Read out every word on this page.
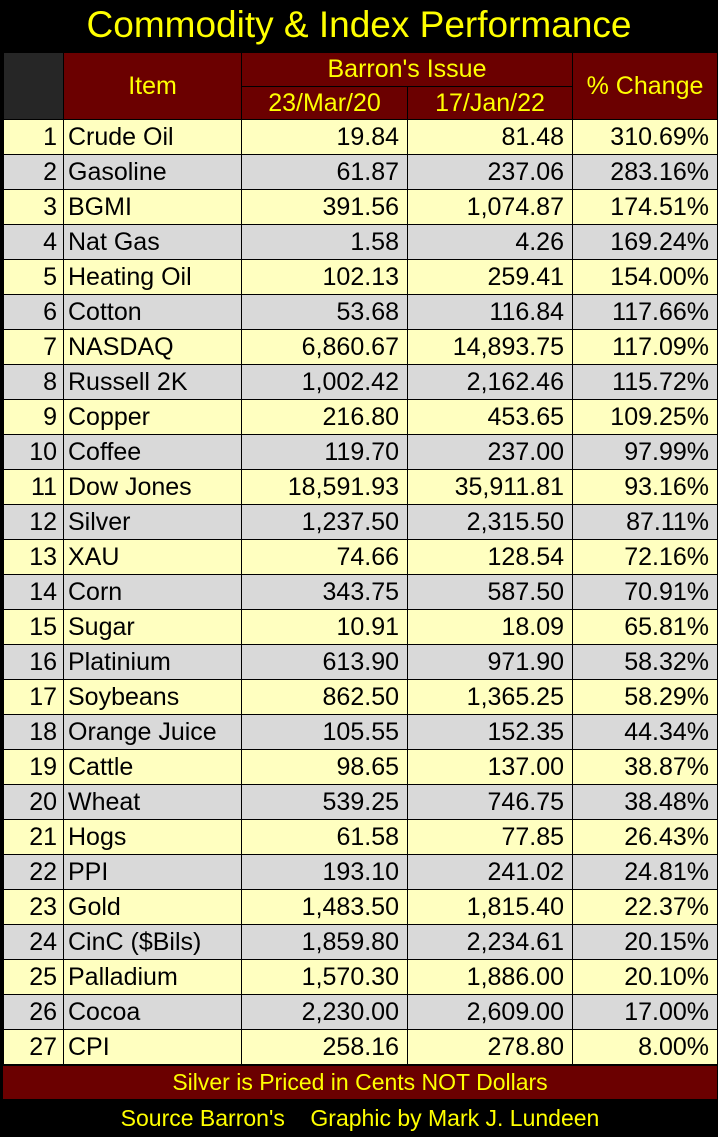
Commodity & Index Performance
	Item	Barron's Issue		% Change
		23/Mar/20	17/Jan/22	
1	Crude Oil	19.84	81.48	310.69%
2	Gasoline	61.87	237.06	283.16%
3	BGMI	391.56	1,074.87	174.51%
4	Nat Gas	1.58	4.26	169.24%
5	Heating Oil	102.13	259.41	154.00%
6	Cotton	53.68	116.84	117.66%
7	NASDAQ	6,860.67	14,893.75	117.09%
8	Russell 2K	1,002.42	2,162.46	115.72%
9	Copper	216.80	453.65	109.25%
10	Coffee	119.70	237.00	97.99%
11	Dow Jones	18,591.93	35,911.81	93.16%
12	Silver	1,237.50	2,315.50	87.11%
13	XAU	74.66	128.54	72.16%
14	Corn	343.75	587.50	70.91%
15	Sugar	10.91	18.09	65.81%
16	Platinium	613.90	971.90	58.32%
17	Soybeans	862.50	1,365.25	58.29%
18	Orange Juice	105.55	152.35	44.34%
19	Cattle	98.65	137.00	38.87%
20	Wheat	539.25	746.75	38.48%
21	Hogs	61.58	77.85	26.43%
22	PPI	193.10	241.02	24.81%
23	Gold	1,483.50	1,815.40	22.37%
24	CinC ($Bils)	1,859.80	2,234.61	20.15%
25	Palladium	1,570.30	1,886.00	20.10%
26	Cocoa	2,230.00	2,609.00	17.00%
27	CPI	258.16	278.80	8.00%
Silver is Priced in Cents NOT Dollars
Source Barron's Graphic by Mark J. Lundeen
